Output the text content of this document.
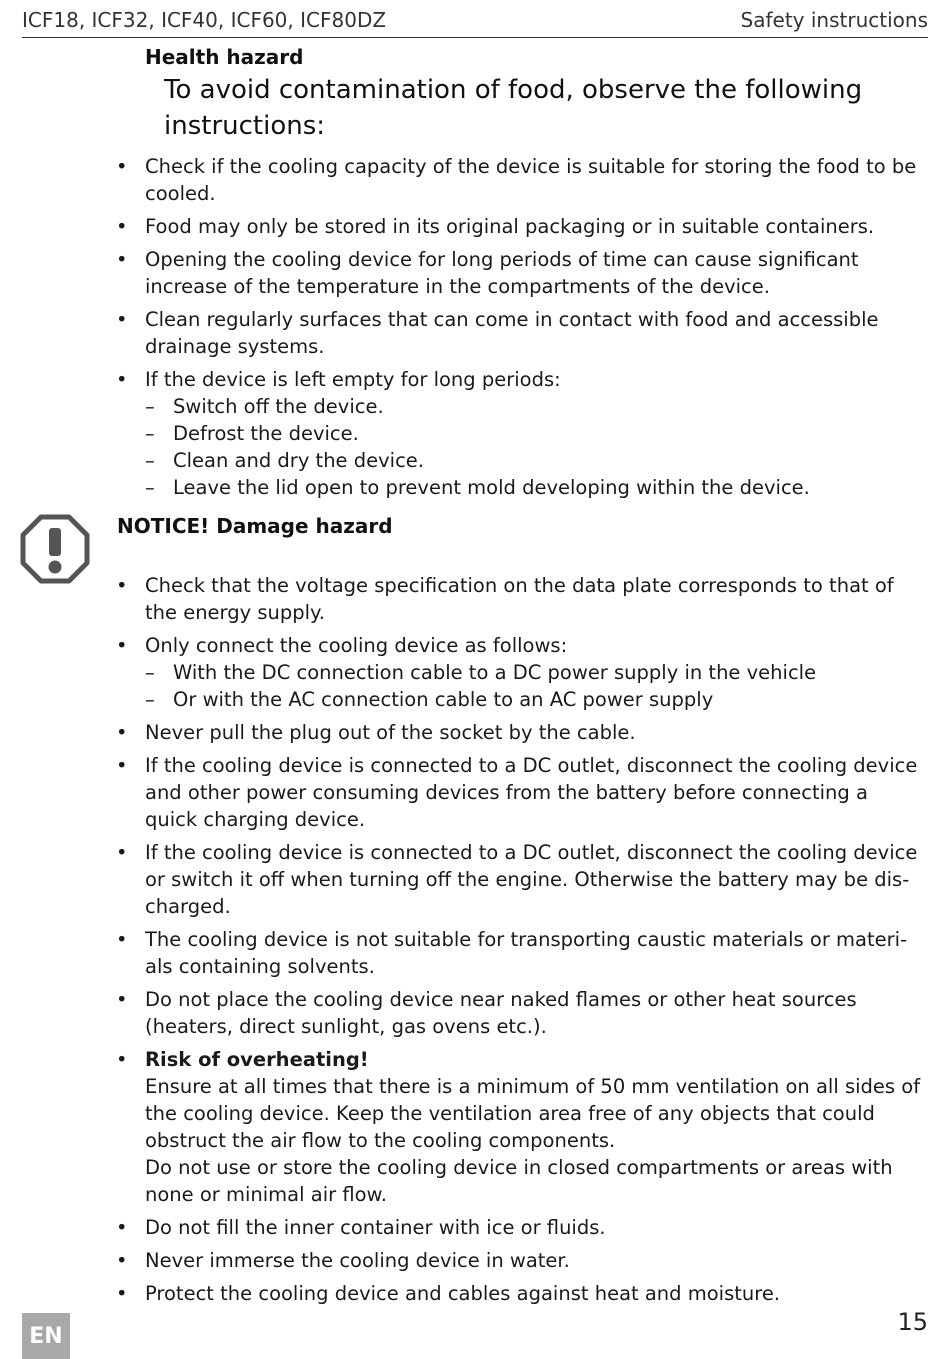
ICF18, ICF32, ICF40, ICF60, ICF80DZ	Safety instructions
Health hazard
To avoid contamination of food, observe the following instructions:
• Check if the cooling capacity of the device is suitable for storing the food to be cooled.
• Food may only be stored in its original packaging or in suitable containers.
• Opening the cooling device for long periods of time can cause significant increase of the temperature in the compartments of the device.
• Clean regularly surfaces that can come in contact with food and accessible drainage systems.
• If the device is left empty for long periods:
– Switch off the device.
– Defrost the device.
– Clean and dry the device.
– Leave the lid open to prevent mold developing within the device.
NOTICE! Damage hazard
• Check that the voltage specification on the data plate corresponds to that of the energy supply.
• Only connect the cooling device as follows:
– With the DC connection cable to a DC power supply in the vehicle
– Or with the AC connection cable to an AC power supply
• Never pull the plug out of the socket by the cable.
• If the cooling device is connected to a DC outlet, disconnect the cooling device and other power consuming devices from the battery before connecting a quick charging device.
• If the cooling device is connected to a DC outlet, disconnect the cooling device or switch it off when turning off the engine. Otherwise the battery may be discharged.
• The cooling device is not suitable for transporting caustic materials or materials containing solvents.
• Do not place the cooling device near naked flames or other heat sources (heaters, direct sunlight, gas ovens etc.).
• Risk of overheating!
Ensure at all times that there is a minimum of 50 mm ventilation on all sides of the cooling device. Keep the ventilation area free of any objects that could obstruct the air flow to the cooling components.
Do not use or store the cooling device in closed compartments or areas with none or minimal air flow.
• Do not fill the inner container with ice or fluids.
• Never immerse the cooling device in water.
• Protect the cooling device and cables against heat and moisture.
EN	15
